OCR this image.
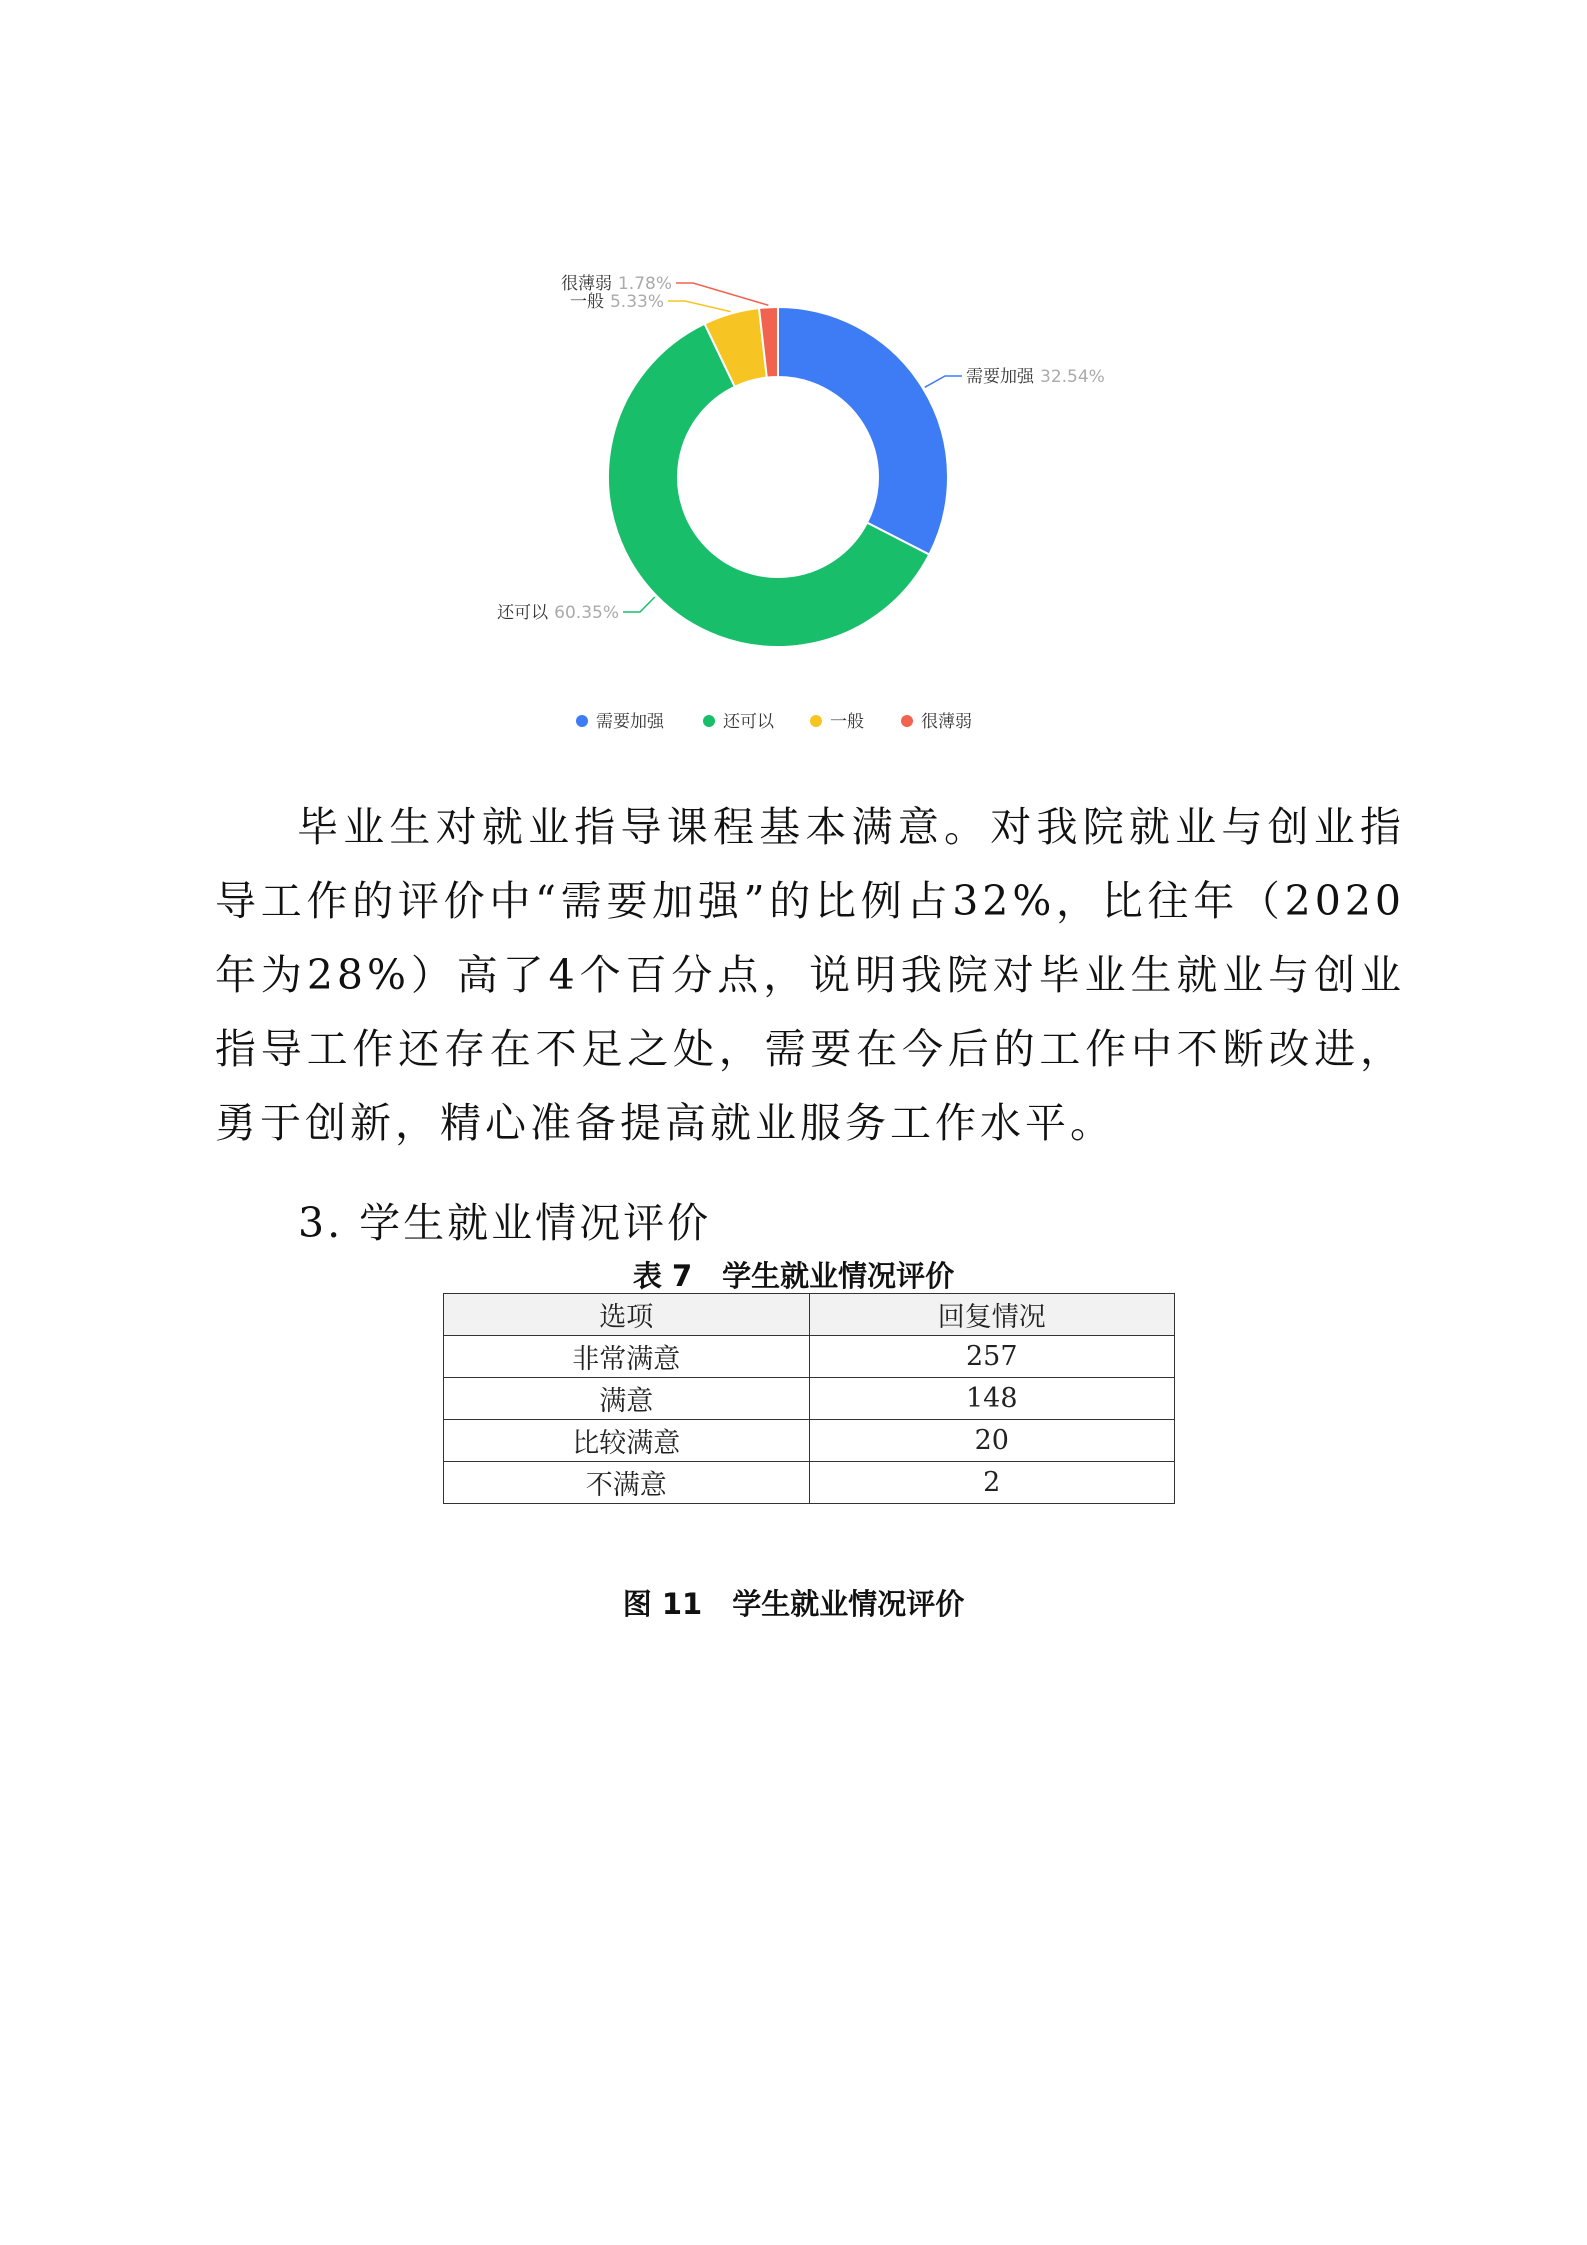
需要加强 32.54%
还可以 60.35%
一般 5.33%
很薄弱 1.78%
需要加强	还可以	一般	很薄弱

毕业生对就业指导课程基本满意。对我院就业与创业指导工作的评价中“需要加强”的比例占32%，比往年（2020年为28%）高了4个百分点，说明我院对毕业生就业与创业指导工作还存在不足之处，需要在今后的工作中不断改进，勇于创新，精心准备提高就业服务工作水平。

3. 学生就业情况评价
表 7 学生就业情况评价
选项	回复情况
非常满意	257
满意	148
比较满意	20
不满意	2
图 11 学生就业情况评价
